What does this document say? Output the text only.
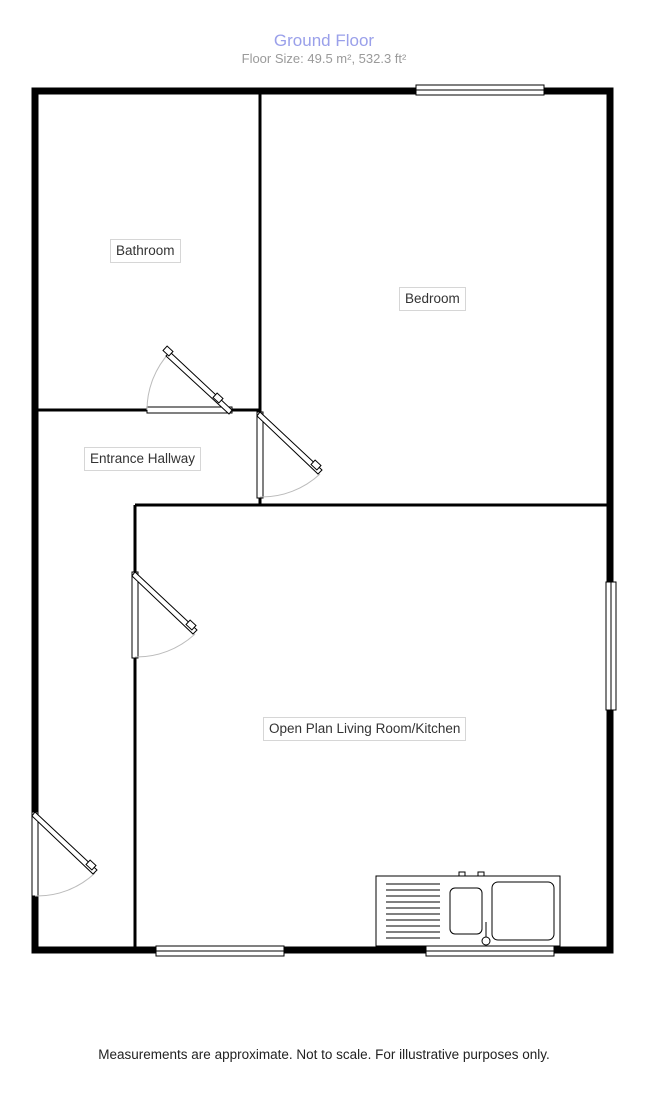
Ground Floor
Floor Size: 49.5 m², 532.3 ft²
Bathroom
Bedroom
Entrance Hallway
Open Plan Living Room/Kitchen
Measurements are approximate. Not to scale. For illustrative purposes only.
